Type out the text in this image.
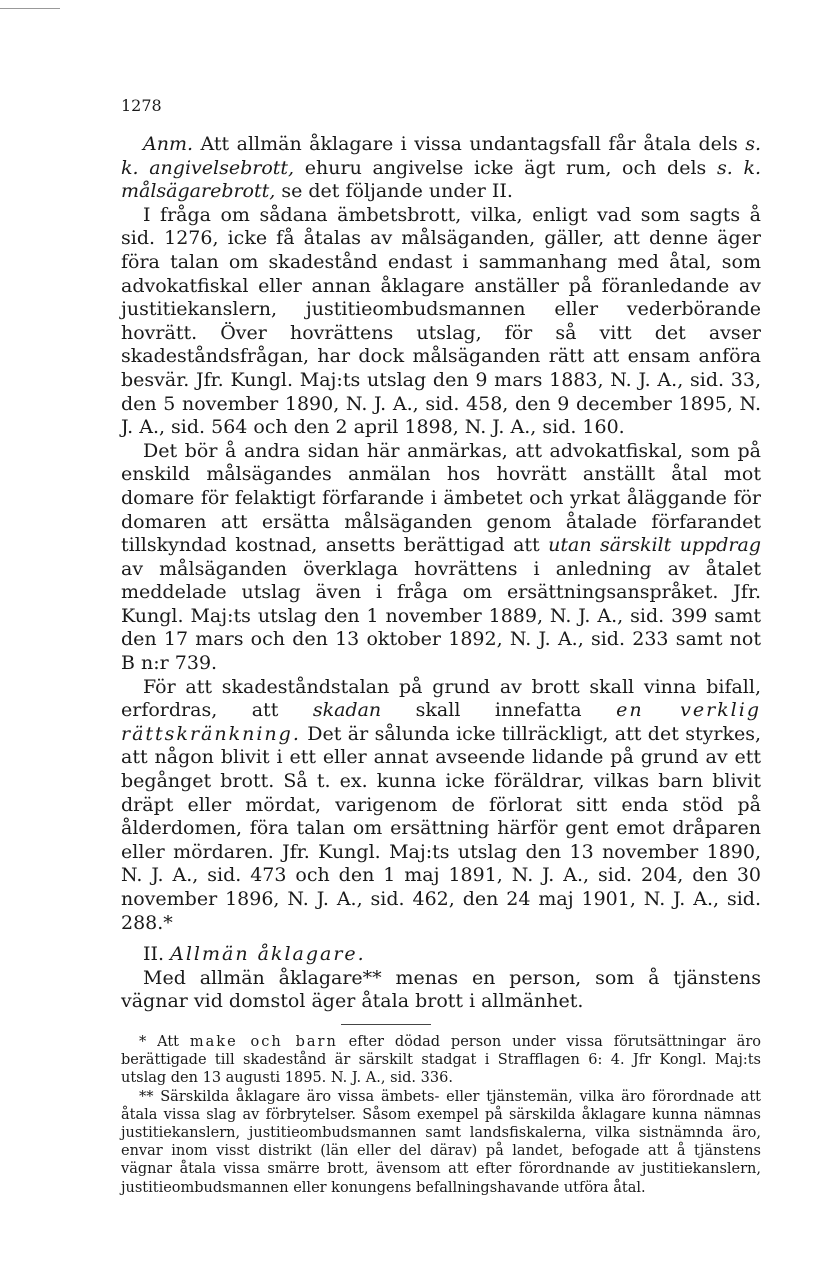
1278

Anm. Att allmän åklagare i vissa undantagsfall får åtala dels s. k. angivelsebrott, ehuru angivelse icke ägt rum, och dels s. k. målsägarebrott, se det följande under II.

I fråga om sådana ämbetsbrott, vilka, enligt vad som sagts å sid. 1276, icke få åtalas av målsäganden, gäller, att denne äger föra talan om skadestånd endast i sammanhang med åtal, som advokatfiskal eller annan åklagare anställer på föranledande av justitiekanslern, justitieombudsmannen eller vederbörande hovrätt. Över hovrättens utslag, för så vitt det avser skadeståndsfrågan, har dock målsäganden rätt att ensam anföra besvär. Jfr. Kungl. Maj:ts utslag den 9 mars 1883, N. J. A., sid. 33, den 5 november 1890, N. J. A., sid. 458, den 9 december 1895, N. J. A., sid. 564 och den 2 april 1898, N. J. A., sid. 160.

Det bör å andra sidan här anmärkas, att advokatfiskal, som på enskild målsägandes anmälan hos hovrätt anställt åtal mot domare för felaktigt förfarande i ämbetet och yrkat åläggande för domaren att ersätta målsäganden genom åtalade förfarandet tillskyndad kostnad, ansetts berättigad att utan särskilt uppdrag av målsäganden överklaga hovrättens i anledning av åtalet meddelade utslag även i fråga om ersättningsanspråket. Jfr. Kungl. Maj:ts utslag den 1 november 1889, N. J. A., sid. 399 samt den 17 mars och den 13 oktober 1892, N. J. A., sid. 233 samt not B n:r 739.

För att skadeståndstalan på grund av brott skall vinna bifall, erfordras, att skadan skall innefatta en verklig rättskränkning. Det är sålunda icke tillräckligt, att det styrkes, att någon blivit i ett eller annat avseende lidande på grund av ett begånget brott. Så t. ex. kunna icke föräldrar, vilkas barn blivit dräpt eller mördat, varigenom de förlorat sitt enda stöd på ålderdomen, föra talan om ersättning härför gent emot dråparen eller mördaren. Jfr. Kungl. Maj:ts utslag den 13 november 1890, N. J. A., sid. 473 och den 1 maj 1891, N. J. A., sid. 204, den 30 november 1896, N. J. A., sid. 462, den 24 maj 1901, N. J. A., sid. 288.*

II. Allmän åklagare.

Med allmän åklagare** menas en person, som å tjänstens vägnar vid domstol äger åtala brott i allmänhet.

* Att make och barn efter dödad person under vissa förutsättningar äro berättigade till skadestånd är särskilt stadgat i Strafflagen 6: 4. Jfr Kongl. Maj:ts utslag den 13 augusti 1895. N. J. A., sid. 336.

** Särskilda åklagare äro vissa ämbets- eller tjänstemän, vilka äro förordnade att åtala vissa slag av förbrytelser. Såsom exempel på särskilda åklagare kunna nämnas justitiekanslern, justitieombudsmannen samt landsfiskalerna, vilka sistnämnda äro, envar inom visst distrikt (län eller del därav) på landet, befogade att å tjänstens vägnar åtala vissa smärre brott, ävensom att efter förordnande av justitiekanslern, justitieombudsmannen eller konungens befallningshavande utföra åtal.
